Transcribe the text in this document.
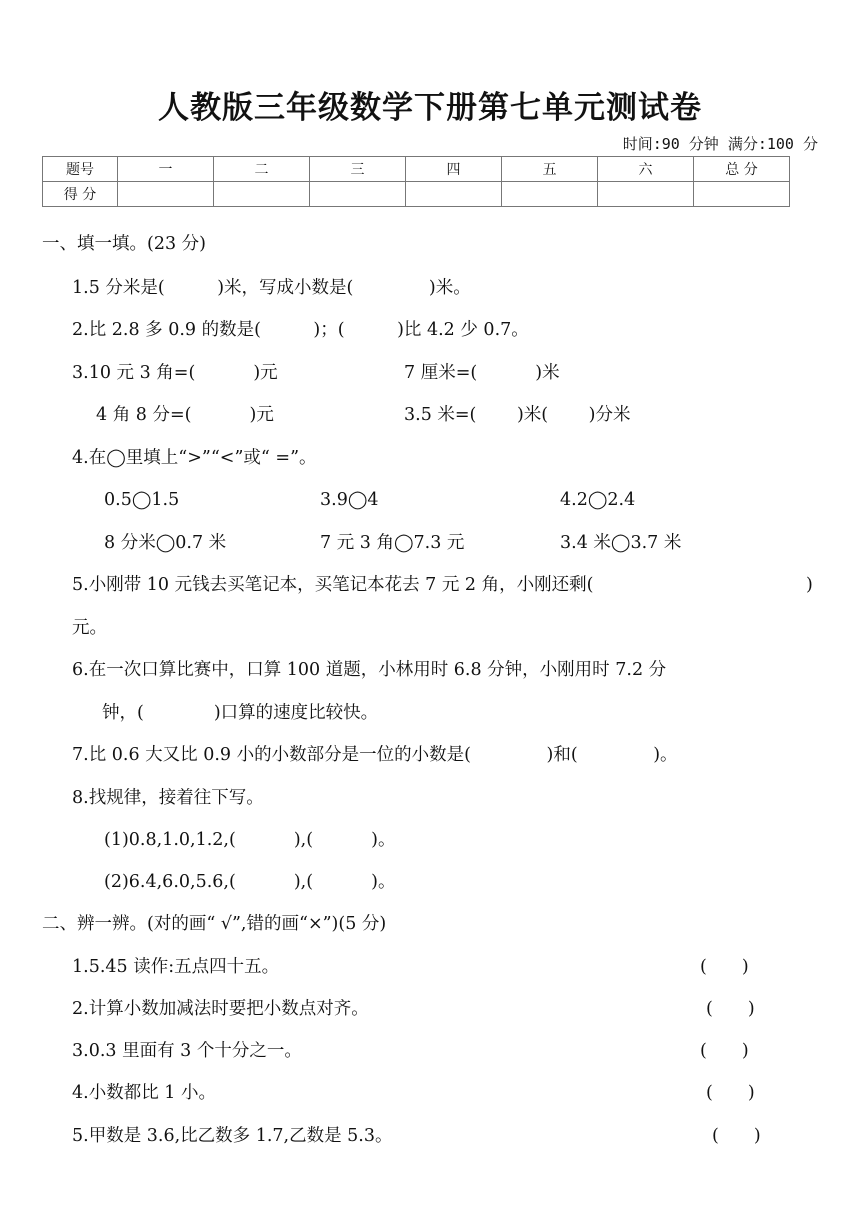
人教版三年级数学下册第七单元测试卷
时间:90 分钟 满分:100 分
题号	一	二	三	四	五	六	总 分
得 分							
一、填一填。(23 分)
1.5 分米是(　　　)米，写成小数是(　　　　 )米。
2.比 2.8 多 0.9 的数是(　　　)；(　　　)比 4.2 少 0.7。
3.10 元 3 角=(　　　 )元	7 厘米=(　　　 )米
4 角 8 分=(　　　 )元	3.5 米=(　　 )米(　　 )分米
4.在◯里填上“>”“<”或“ =”。
0.5◯1.5	3.9◯4	4.2◯2.4
8 分米◯0.7 米	7 元 3 角◯7.3 元	3.4 米◯3.7 米
5.小刚带 10 元钱去买笔记本，买笔记本花去 7 元 2 角，小刚还剩(	)
元。
6.在一次口算比赛中，口算 100 道题，小林用时 6.8 分钟，小刚用时 7.2 分
钟，(　　　　)口算的速度比较快。
7.比 0.6 大又比 0.9 小的小数部分是一位的小数是(　　　　 )和(　　　　 )。
8.找规律，接着往下写。
(1)0.8,1.0,1.2,(　　　 ),(　　　 )。
(2)6.4,6.0,5.6,(　　　 ),(　　　 )。
二、辨一辨。(对的画“ √”,错的画“×”)(5 分)
1.5.45 读作:五点四十五。	(　　)
2.计算小数加减法时要把小数点对齐。	(　　)
3.0.3 里面有 3 个十分之一。	(　　)
4.小数都比 1 小。	(　　)
5.甲数是 3.6,比乙数多 1.7,乙数是 5.3。	(　　)
